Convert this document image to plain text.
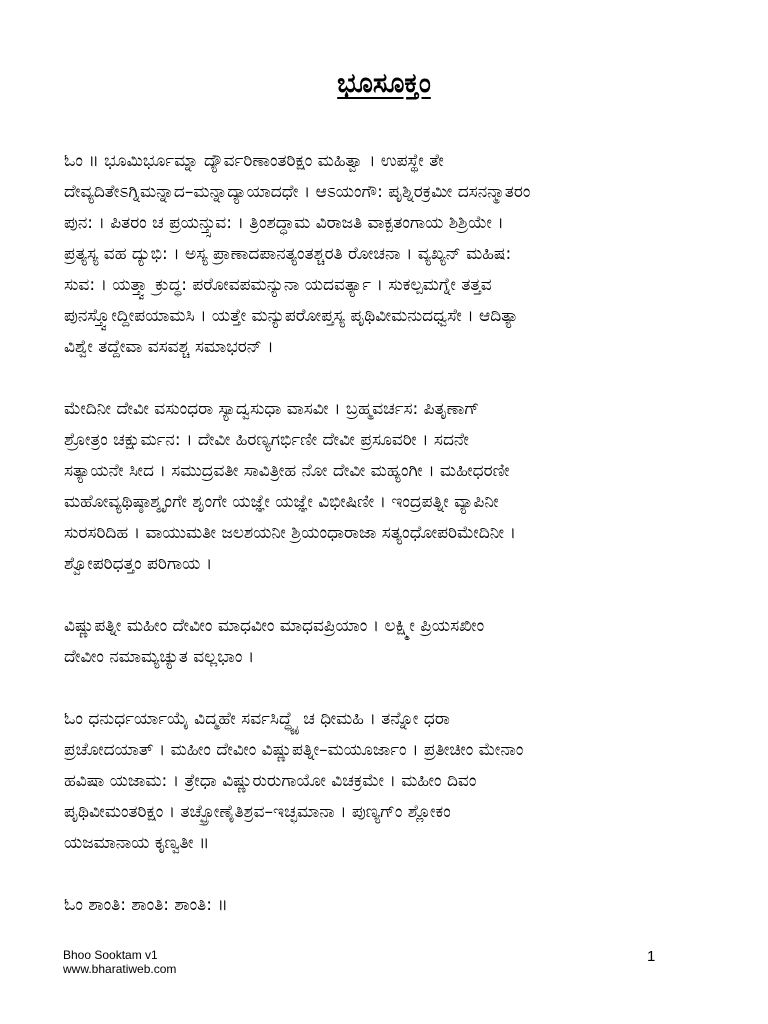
ಭೂಸೂಕ್ತಂ
ಓಂ ॥ ಭೂಮಿರ್ಭೂಮ್ನಾ ದ್ಯೌರ್ವರಿಣಾಂತರಿಕ್ಷಂ ಮಹಿತ್ವಾ । ಉಪಸ್ಥೇ ತೇ
ದೇವ್ಯದಿತೇಽಗ್ನಿಮನ್ನಾದ–ಮನ್ನಾದ್ಯಾಯಾದಧೇ । ಆಽಯಂಗೌ: ಪೃಶ್ನಿರಕ್ರಮೀ ದಸನನ್ಮಾತರಂ
ಪುನ: । ಪಿತರಂ ಚ ಪ್ರಯನ್ತ್ಸುವ: । ತ್ರಿಂಶದ್ಧಾಮ ವಿರಾಜತಿ ವಾಕ್ಪತಂಗಾಯ ಶಿಶ್ರಿಯೇ ।
ಪ್ರತ್ಯಸ್ಯ ವಹ ದ್ಯುಭಿ: । ಅಸ್ಯ ಪ್ರಾಣಾದಪಾನತ್ಯಂತಶ್ಚರತಿ ರೋಚನಾ । ವ್ಯಖ್ಯನ್ ಮಹಿಷ:
ಸುವ: । ಯತ್ತ್ವಾ ಕ್ರುದ್ಧ: ಪರೋವಪಮನ್ಯುನಾ ಯದವರ್ತ್ಯಾ । ಸುಕಲ್ಪಮಗ್ನೇ ತತ್ತವ
ಪುನಸ್ತ್ವೋದ್ದೀಪಯಾಮಸಿ । ಯತ್ತೇ ಮನ್ಯುಪರೋಪ್ತಸ್ಯ ಪೃಥಿವೀಮನುದಧ್ವಸೇ । ಆದಿತ್ಯಾ
ವಿಶ್ವೇ ತದ್ದೇವಾ ವಸವಶ್ಚ ಸಮಾಭರನ್ ।
ಮೇದಿನೀ ದೇವೀ ವಸುಂಧರಾ ಸ್ಯಾದ್ವಸುಧಾ ವಾಸವೀ । ಬ್ರಹ್ಮವರ್ಚಸ: ಪಿತೃಣಾಗ್
ಶ್ರೋತ್ರಂ ಚಕ್ಷುರ್ಮನ: । ದೇವೀ ಹಿರಣ್ಯಗರ್ಭಿಣೀ ದೇವೀ ಪ್ರಸೂವರೀ । ಸದನೇ
ಸತ್ಯಾಯನೇ ಸೀದ । ಸಮುದ್ರವತೀ ಸಾವಿತ್ರೀಹ ನೋ ದೇವೀ ಮಹ್ಯಂಗೀ । ಮಹೀಧರಣೀ
ಮಹೋವ್ಯಥಿಷ್ಠಾಶ್ಶೃಂಗೇ ಶೃಂಗೇ ಯಜ್ಞೇ ಯಜ್ಞೇ ವಿಭೀಷಿಣೀ । ಇಂದ್ರಪತ್ನೀ ವ್ಯಾಪಿನೀ
ಸುರಸರಿದಿಹ । ವಾಯುಮತೀ ಜಲಶಯನೀ ಶ್ರಿಯಂಧಾರಾಜಾ ಸತ್ಯಂಧೋಪರಿಮೇದಿನೀ ।
ಶ್ವೋಪರಿಧತ್ತಂ ಪರಿಗಾಯ ।
ವಿಷ್ಣುಪತ್ನೀ ಮಹೀಂ ದೇವೀಂ ಮಾಧವೀಂ ಮಾಧವಪ್ರಿಯಾಂ । ಲಕ್ಷ್ಮೀ ಪ್ರಿಯಸಖೀಂ
ದೇವೀಂ ನಮಾಮ್ಯಚ್ಯುತ ವಲ್ಲಭಾಂ ।
ಓಂ ಧನುರ್ಧರ್ಯಾಯೈ ವಿದ್ಮಹೇ ಸರ್ವಸಿದ್ಧ್ಯೈ ಚ ಧೀಮಹಿ । ತನ್ನೋ ಧರಾ
ಪ್ರಚೋದಯಾತ್ । ಮಹೀಂ ದೇವೀಂ ವಿಷ್ಣುಪತ್ನೀ–ಮಯೂರ್ಜಾಂ । ಪ್ರತೀಚೀಂ ಮೇನಾಂ
ಹವಿಷಾ ಯಜಾಮ: । ತ್ರೇಧಾ ವಿಷ್ಣುರುರುಗಾಯೋ ವಿಚಕ್ರಮೇ । ಮಹೀಂ ದಿವಂ
ಪೃಥಿವೀಮಂತರಿಕ್ಷಂ । ತಚ್ಛ್ರೋಣೈತಿಶ್ರವ–ಇಚ್ಛಮಾನಾ । ಪುಣ್ಯಗ್ಂ ಶ್ಲೋಕಂ
ಯಜಮಾನಾಯ ಕೃಣ್ವತೀ ॥
ಓಂ ಶಾಂತಿ: ಶಾಂತಿ: ಶಾಂತಿ: ॥
Bhoo Sooktam v1
www.bharatiweb.com
1
